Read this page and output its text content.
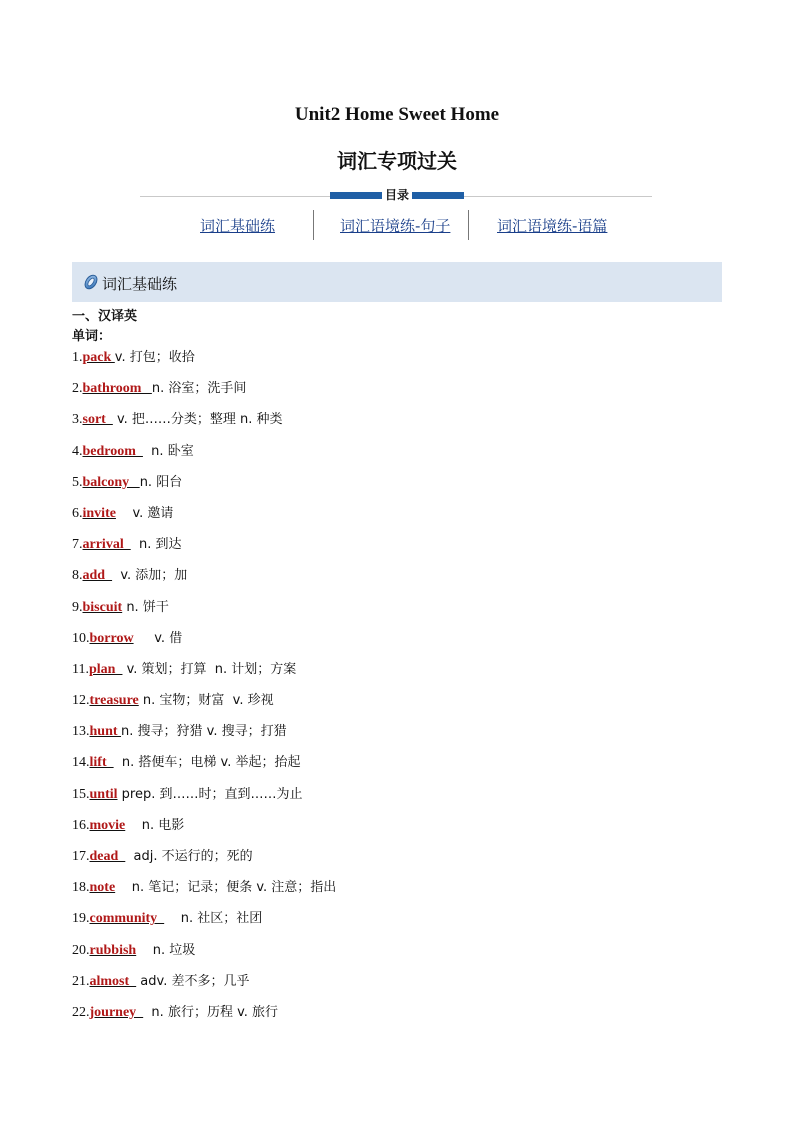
Unit2 Home Sweet Home
词汇专项过关
目录
词汇基础练	词汇语境练-句子	词汇语境练-语篇
词汇基础练
一、汉译英
单词：
1.pack v. 打包；收拾
2.bathroom   n. 浴室；洗手间
3.sort   v. 把……分类；整理 n. 种类
4.bedroom    n. 卧室
5.balcony   n. 阳台
6.invite    v. 邀请
7.arrival    n. 到达
8.add    v. 添加；加
9.biscuit n. 饼干
10.borrow     v. 借
11.plan   v. 策划；打算  n. 计划；方案
12.treasure n. 宝物；财富  v. 珍视
13.hunt n. 搜寻；狩猎 v. 搜寻；打猎
14.lift    n. 搭便车；电梯 v. 举起；抬起
15.until prep. 到……时；直到……为止
16.movie    n. 电影
17.dead    adj. 不运行的；死的
18.note    n. 笔记；记录；便条 v. 注意；指出
19.community      n. 社区；社团
20.rubbish    n. 垃圾
21.almost   adv. 差不多；几乎
22.journey    n. 旅行；历程 v. 旅行
